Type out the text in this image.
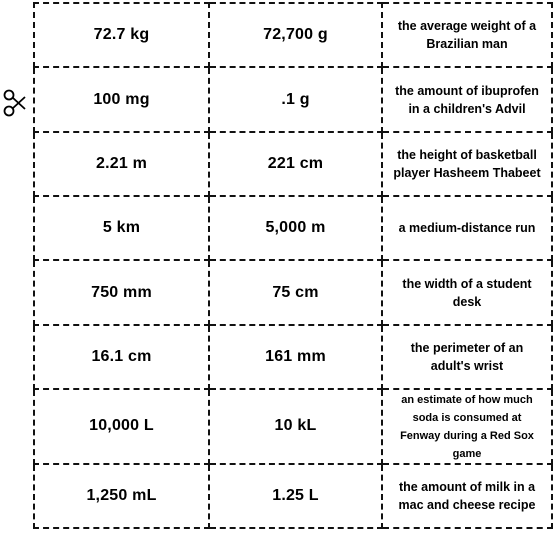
72.7 kg	72,700 g	the average weight of a Brazilian man
100 mg	.1 g	the amount of ibuprofen in a children's Advil
2.21 m	221 cm	the height of basketball player Hasheem Thabeet
5 km	5,000 m	a medium-distance run
750 mm	75 cm	the width of a student desk
16.1 cm	161 mm	the perimeter of an adult's wrist
10,000 L	10 kL	an estimate of how much soda is consumed at Fenway during a Red Sox game
1,250 mL	1.25 L	the amount of milk in a mac and cheese recipe
